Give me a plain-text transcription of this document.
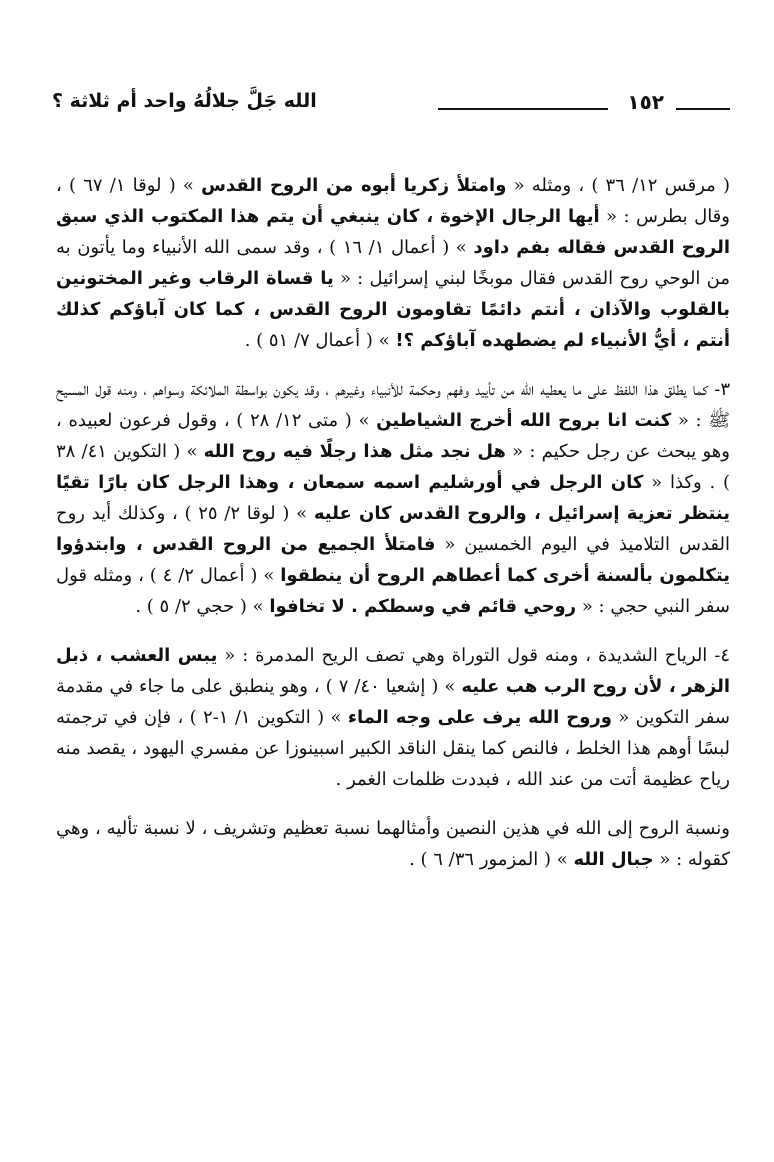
١٥٢
الله جَلَّ جلالُهُ واحد أم ثلاثة ؟

( مرقس ١٢/ ٣٦ ) ، ومثله « وامتلأ زكريا أبوه من الروح القدس » ( لوقا ١/ ٦٧ ) ، وقال بطرس : « أيها الرجال الإخوة ، كان ينبغي أن يتم هذا المكتوب الذي سبق الروح القدس فقاله بفم داود » ( أعمال ١/ ١٦ ) ، وقد سمى الله الأنبياء وما يأتون به من الوحي روح القدس فقال موبخًا لبني إسرائيل : « يا قساة الرقاب وغير المختونين بالقلوب والآذان ، أنتم دائمًا تقاومون الروح القدس ، كما كان آباؤكم كذلك أنتم ، أيُّ الأنبياء لم يضطهده آباؤكم ؟! » ( أعمال ٧/ ٥١ ) .

٣- كما يطلق هذا اللفظ على ما يعطيه الله من تأييد وفهم وحكمة للأنبياء وغيرهم ، وقد يكون بواسطة الملائكة وسواهم ، ومنه قول المسيح ﷺ : « كنت انا بروح الله أخرج الشياطين » ( متى ١٢/ ٢٨ ) ، وقول فرعون لعبيده ، وهو يبحث عن رجل حكيم : « هل نجد مثل هذا رجلًا فيه روح الله » ( التكوين ٤١/ ٣٨ ) . وكذا « كان الرجل في أورشليم اسمه سمعان ، وهذا الرجل كان بارًا تقيًا ينتظر تعزية إسرائيل ، والروح القدس كان عليه » ( لوقا ٢/ ٢٥ ) ، وكذلك أيد روح القدس التلاميذ في اليوم الخمسين « فامتلأ الجميع من الروح القدس ، وابتدؤوا يتكلمون بألسنة أخرى كما أعطاهم الروح أن ينطقوا » ( أعمال ٢/ ٤ ) ، ومثله قول سفر النبي حجي : « روحي قائم في وسطكم . لا تخافوا » ( حجي ٢/ ٥ ) .

٤- الرياح الشديدة ، ومنه قول التوراة وهي تصف الريح المدمرة : « يبس العشب ، ذبل الزهر ، لأن روح الرب هب عليه » ( إشعيا ٤٠/ ٧ ) ، وهو ينطبق على ما جاء في مقدمة سفر التكوين « وروح الله يرف على وجه الماء » ( التكوين ١/ ١-٢ ) ، فإن في ترجمته لبسًا أوهم هذا الخلط ، فالنص كما ينقل الناقد الكبير اسبينوزا عن مفسري اليهود ، يقصد منه رياح عظيمة أتت من عند الله ، فبددت ظلمات الغمر .

ونسبة الروح إلى الله في هذين النصين وأمثالهما نسبة تعظيم وتشريف ، لا نسبة تأليه ، وهي كقوله : « جبال الله » ( المزمور ٣٦/ ٦ ) .
